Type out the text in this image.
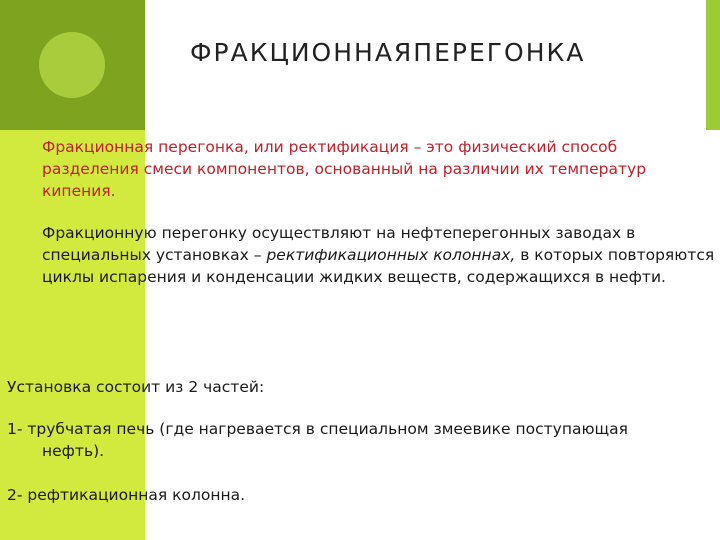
ФРАКЦИОННАЯПЕРЕГОНКА

Фракционная перегонка, или ректификация – это физический способ разделения смеси компонентов, основанный на различии их температур кипения.

Фракционную перегонку осуществляют на нефтеперегонных заводах в специальных установках – ректификационных колоннах, в которых повторяются циклы испарения и конденсации жидких веществ, содержащихся в нефти.

Установка состоит из 2 частей:

1- трубчатая печь (где нагревается в специальном змеевике поступающая
нефть).

2- рефтикационная колонна.
